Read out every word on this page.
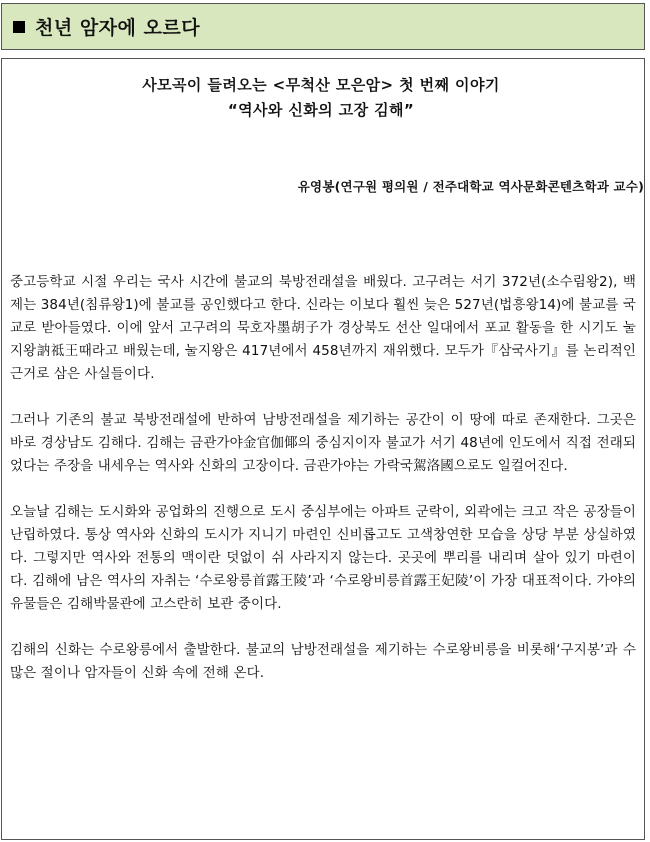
천년 암자에 오르다
사모곡이 들려오는 <무척산 모은암> 첫 번째 이야기
“역사와 신화의 고장 김해”
유영봉(연구원 평의원 / 전주대학교 역사문화콘텐츠학과 교수)

중고등학교 시절 우리는 국사 시간에 불교의 북방전래설을 배웠다. 고구려는 서기 372년(소수림왕2), 백제는 384년(침류왕1)에 불교를 공인했다고 한다. 신라는 이보다 훨씬 늦은 527년(법흥왕14)에 불교를 국교로 받아들였다. 이에 앞서 고구려의 묵호자墨胡子가 경상북도 선산 일대에서 포교 활동을 한 시기도 눌지왕訥祗王때라고 배웠는데, 눌지왕은 417년에서 458년까지 재위했다. 모두가『삼국사기』를 논리적인 근거로 삼은 사실들이다.

그러나 기존의 불교 북방전래설에 반하여 남방전래설을 제기하는 공간이 이 땅에 따로 존재한다. 그곳은 바로 경상남도 김해다. 김해는 금관가야金官伽倻의 중심지이자 불교가 서기 48년에 인도에서 직접 전래되었다는 주장을 내세우는 역사와 신화의 고장이다. 금관가야는 가락국駕洛國으로도 일컬어진다.

오늘날 김해는 도시화와 공업화의 진행으로 도시 중심부에는 아파트 군락이, 외곽에는 크고 작은 공장들이 난립하였다. 통상 역사와 신화의 도시가 지니기 마련인 신비롭고도 고색창연한 모습을 상당 부분 상실하였다. 그렇지만 역사와 전통의 맥이란 덧없이 쉬 사라지지 않는다. 곳곳에 뿌리를 내리며 살아 있기 마련이다. 김해에 남은 역사의 자취는 ‘수로왕릉首露王陵’과 ‘수로왕비릉首露王妃陵’이 가장 대표적이다. 가야의 유물들은 김해박물관에 고스란히 보관 중이다.

김해의 신화는 수로왕릉에서 출발한다. 불교의 남방전래설을 제기하는 수로왕비릉을 비롯해‘구지봉’과 수많은 절이나 암자들이 신화 속에 전해 온다.
